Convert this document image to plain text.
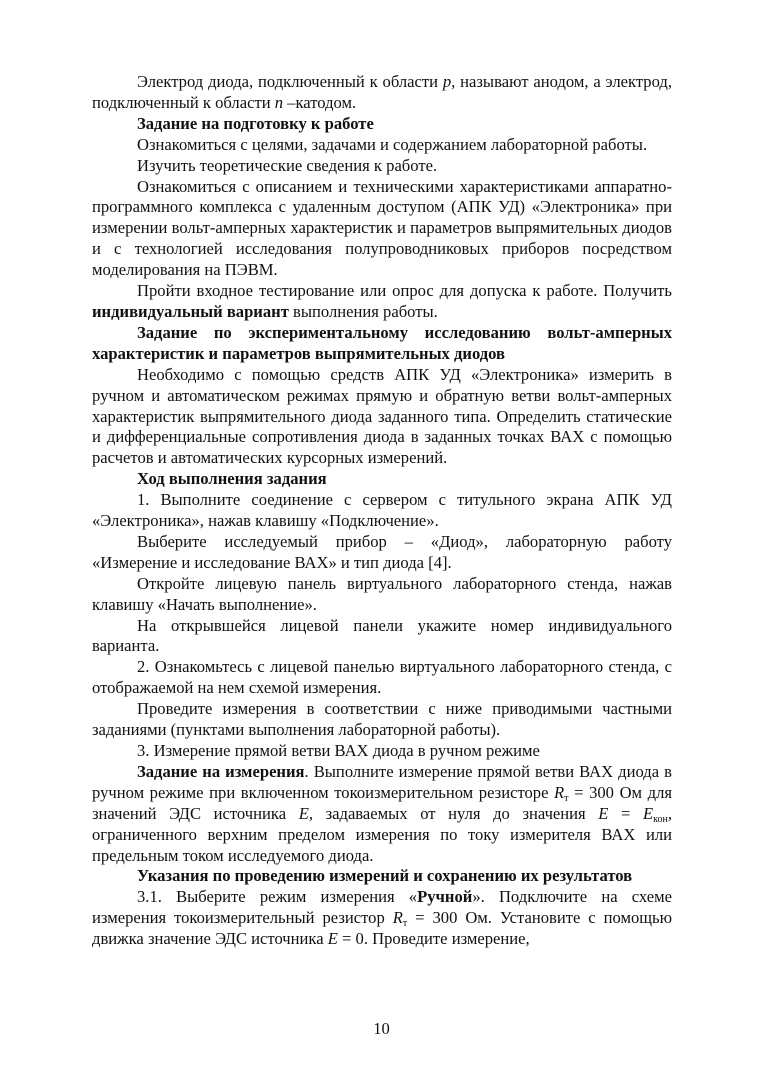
Электрод диода, подключенный к области p, называют анодом, а электрод, подключенный к области n –катодом.

Задание на подготовку к работе

Ознакомиться с целями, задачами и содержанием лабораторной работы.

Изучить теоретические сведения к работе.

Ознакомиться с описанием и техническими характеристиками аппаратно-программного комплекса с удаленным доступом (АПК УД) «Электроника» при измерении вольт-амперных характеристик и параметров выпрямительных диодов и с технологией исследования полупроводниковых приборов посредством моделирования на ПЭВМ.

Пройти входное тестирование или опрос для допуска к работе. Получить индивидуальный вариант выполнения работы.

Задание по экспериментальному исследованию вольт-амперных характеристик и параметров выпрямительных диодов

Необходимо с помощью средств АПК УД «Электроника» измерить в ручном и автоматическом режимах прямую и обратную ветви вольт-амперных характеристик выпрямительного диода заданного типа. Определить статические и дифференциальные сопротивления диода в заданных точках ВАХ с помощью расчетов и автоматических курсорных измерений.

Ход выполнения задания

1. Выполните соединение с сервером с титульного экрана АПК УД «Электроника», нажав клавишу «Подключение».

Выберите исследуемый прибор – «Диод», лабораторную работу «Измерение и исследование ВАХ» и тип диода [4].

Откройте лицевую панель виртуального лабораторного стенда, нажав клавишу «Начать выполнение».

На открывшейся лицевой панели укажите номер индивидуального варианта.

2. Ознакомьтесь с лицевой панелью виртуального лабораторного стенда, с отображаемой на нем схемой измерения.

Проведите измерения в соответствии с ниже приводимыми частными заданиями (пунктами выполнения лабораторной работы).

3. Измерение прямой ветви ВАХ диода в ручном режиме

Задание на измерения. Выполните измерение прямой ветви ВАХ диода в ручном режиме при включенном токоизмерительном резисторе $R_т = 300$ Ом для значений ЭДС источника E, задаваемых от нуля до значения $E = E_{кон}$, ограниченного верхним пределом измерения по току измерителя ВАХ или предельным током исследуемого диода.

Указания по проведению измерений и сохранению их результатов

3.1. Выберите режим измерения «Ручной». Подключите на схеме измерения токоизмерительный резистор $R_т = 300$ Ом. Установите с помощью движка значение ЭДС источника E = 0. Проведите измерение,

10
